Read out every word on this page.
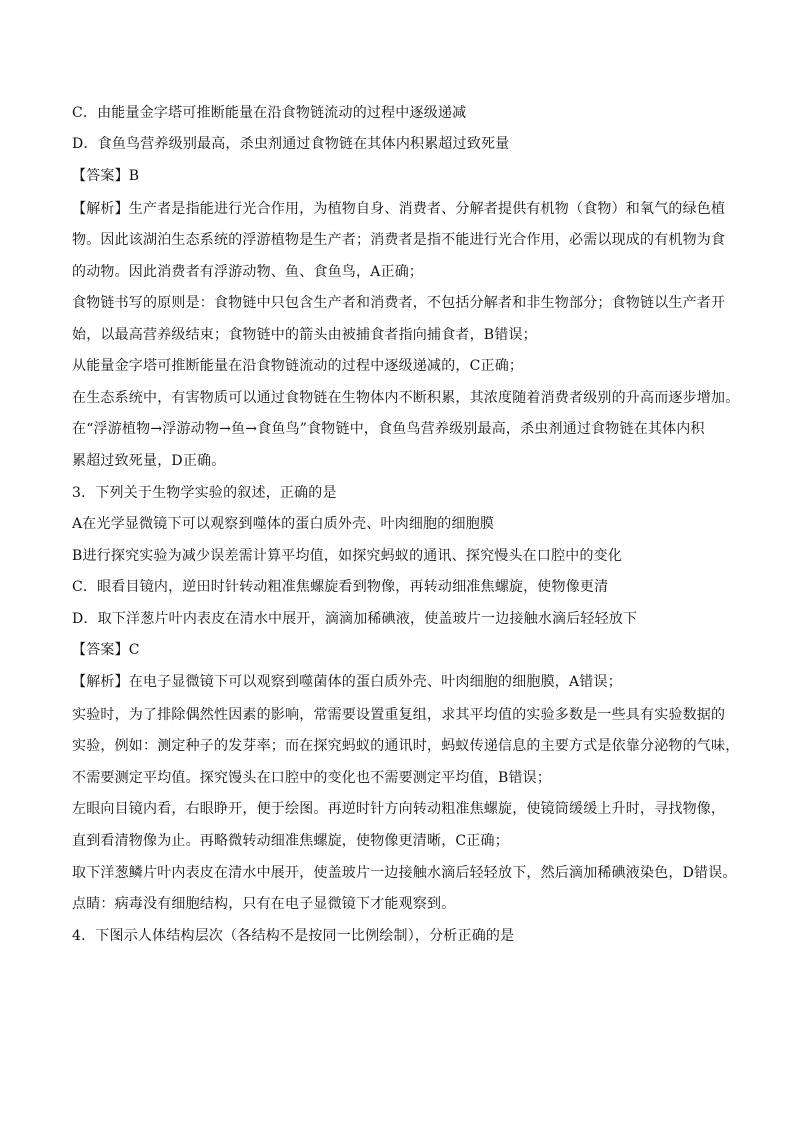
C．由能量金字塔可推断能量在沿食物链流动的过程中逐级递减
D．食鱼鸟营养级别最高，杀虫剂通过食物链在其体内积累超过致死量
【答案】B
【解析】生产者是指能进行光合作用，为植物自身、消费者、分解者提供有机物（食物）和氧气的绿色植
物。因此该湖泊生态系统的浮游植物是生产者；消费者是指不能进行光合作用，必需以现成的有机物为食
的动物。因此消费者有浮游动物、鱼、食鱼鸟，A正确；
食物链书写的原则是：食物链中只包含生产者和消费者，不包括分解者和非生物部分；食物链以生产者开
始，以最高营养级结束；食物链中的箭头由被捕食者指向捕食者，B错误；
从能量金字塔可推断能量在沿食物链流动的过程中逐级递减的，C正确；
在生态系统中，有害物质可以通过食物链在生物体内不断积累，其浓度随着消费者级别的升高而逐步增加。
在“浮游植物→浮游动物→鱼→食鱼鸟”食物链中，食鱼鸟营养级别最高，杀虫剂通过食物链在其体内积
累超过致死量，D正确。
3．下列关于生物学实验的叙述，正确的是
A在光学显微镜下可以观察到噬体的蛋白质外壳、叶肉细胞的细胞膜
B进行探究实验为减少误差需计算平均值，如探究蚂蚁的通讯、探究慢头在口腔中的变化
C．眼看目镜内，逆田时针转动粗准焦螺旋看到物像，再转动细准焦螺旋，使物像更清
D．取下洋葱片叶内表皮在清水中展开，滴滴加稀碘液，使盖玻片一边接触水滴后轻轻放下
【答案】C
【解析】在电子显微镜下可以观察到噬菌体的蛋白质外壳、叶肉细胞的细胞膜，A错误；
实验时，为了排除偶然性因素的影响，常需要设置重复组，求其平均值的实验多数是一些具有实验数据的
实验，例如：测定种子的发芽率；而在探究蚂蚁的通讯时，蚂蚁传递信息的主要方式是依靠分泌物的气味，
不需要测定平均值。探究馒头在口腔中的变化也不需要测定平均值，B错误；
左眼向目镜内看，右眼睁开，便于绘图。再逆时针方向转动粗准焦螺旋，使镜筒缓缓上升时，寻找物像，
直到看清物像为止。再略微转动细准焦螺旋，使物像更清晰，C正确；
取下洋葱鳞片叶内表皮在清水中展开，使盖玻片一边接触水滴后轻轻放下，然后滴加稀碘液染色，D错误。
点睛：病毒没有细胞结构，只有在电子显微镜下才能观察到。
4．下图示人体结构层次（各结构不是按同一比例绘制），分析正确的是
